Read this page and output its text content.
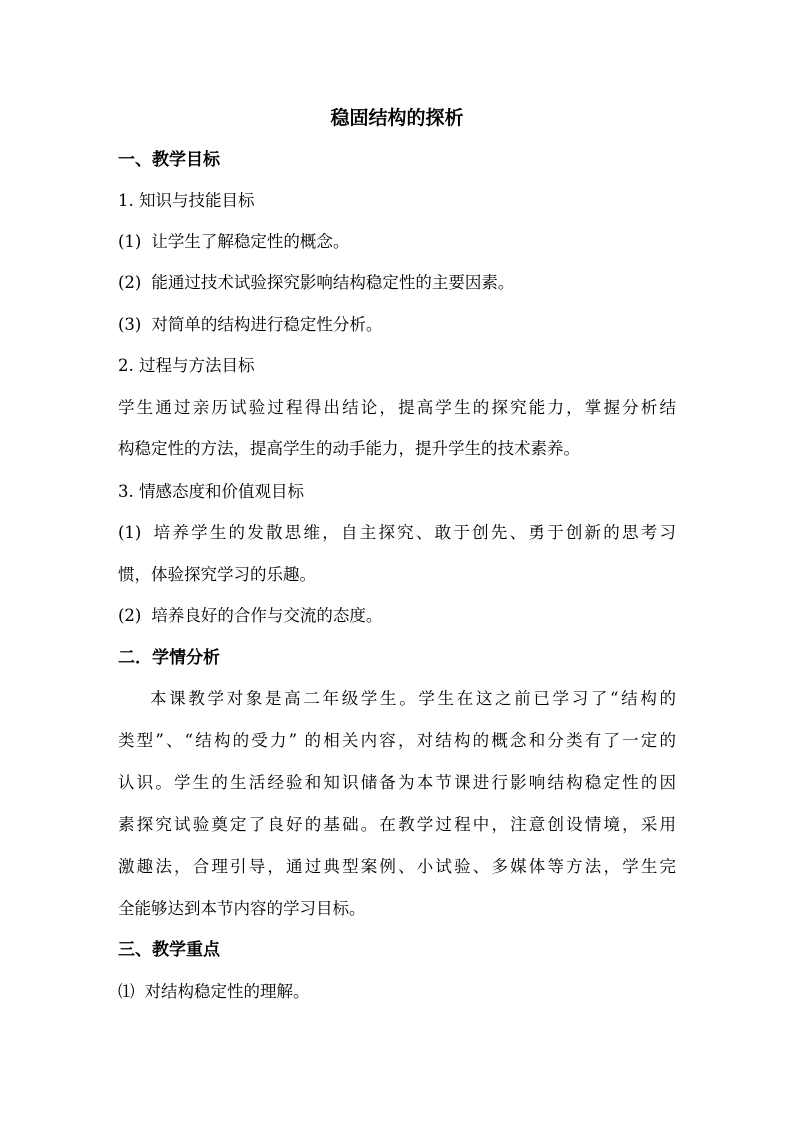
稳固结构的探析
一、教学目标
1. 知识与技能目标
(1) 让学生了解稳定性的概念。
(2) 能通过技术试验探究影响结构稳定性的主要因素。
(3) 对简单的结构进行稳定性分析。
2. 过程与方法目标
学生通过亲历试验过程得出结论，提高学生的探究能力，掌握分析结
构稳定性的方法，提高学生的动手能力，提升学生的技术素养。
3. 情感态度和价值观目标
(1) 培养学生的发散思维，自主探究、敢于创先、勇于创新的思考习
惯，体验探究学习的乐趣。
(2) 培养良好的合作与交流的态度。
二．学情分析
本课教学对象是高二年级学生。学生在这之前已学习了“结构的
类型”、“结构的受力” 的相关内容，对结构的概念和分类有了一定的
认识。学生的生活经验和知识储备为本节课进行影响结构稳定性的因
素探究试验奠定了良好的基础。在教学过程中，注意创设情境，采用
激趣法，合理引导，通过典型案例、小试验、多媒体等方法，学生完
全能够达到本节内容的学习目标。
三、教学重点
⑴ 对结构稳定性的理解。
